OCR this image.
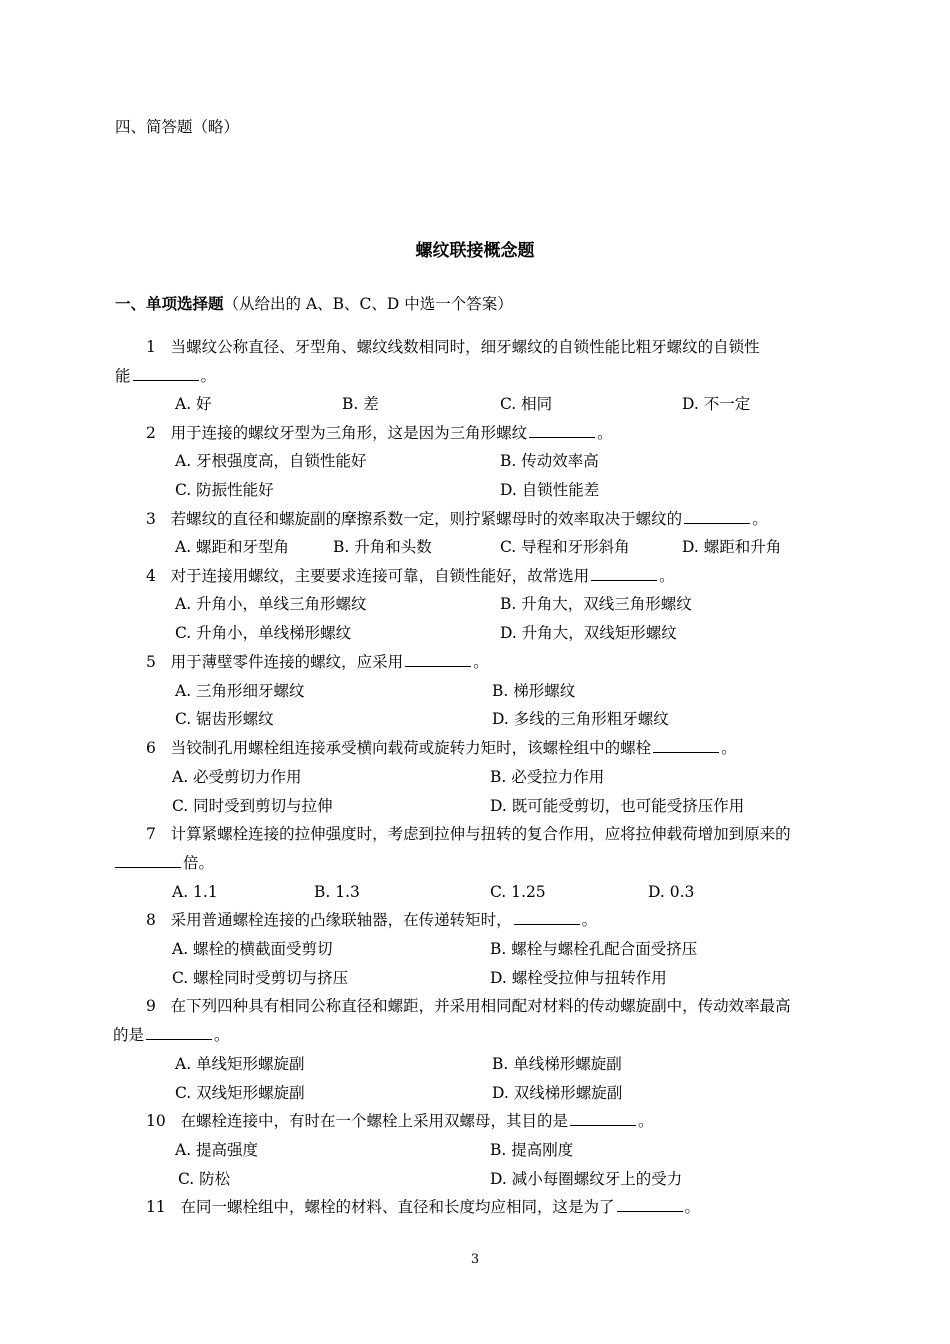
四、简答题（略）
螺纹联接概念题
一、单项选择题（从给出的 A、B、C、D 中选一个答案）
1 当螺纹公称直径、牙型角、螺纹线数相同时，细牙螺纹的自锁性能比粗牙螺纹的自锁性
能	。
A. 好	B. 差	C. 相同	D. 不一定
2 用于连接的螺纹牙型为三角形，这是因为三角形螺纹	。
A. 牙根强度高，自锁性能好	B. 传动效率高
C. 防振性能好	D. 自锁性能差
3 若螺纹的直径和螺旋副的摩擦系数一定，则拧紧螺母时的效率取决于螺纹的	。
A. 螺距和牙型角	B. 升角和头数	C. 导程和牙形斜角	D. 螺距和升角
4 对于连接用螺纹，主要要求连接可靠，自锁性能好，故常选用	。
A. 升角小，单线三角形螺纹	B. 升角大，双线三角形螺纹
C. 升角小，单线梯形螺纹	D. 升角大，双线矩形螺纹
5 用于薄壁零件连接的螺纹，应采用	。
A. 三角形细牙螺纹	B. 梯形螺纹
C. 锯齿形螺纹	D. 多线的三角形粗牙螺纹
6 当铰制孔用螺栓组连接承受横向载荷或旋转力矩时，该螺栓组中的螺栓	。
A. 必受剪切力作用	B. 必受拉力作用
C. 同时受到剪切与拉伸	D. 既可能受剪切，也可能受挤压作用
7 计算紧螺栓连接的拉伸强度时，考虑到拉伸与扭转的复合作用，应将拉伸载荷增加到原来的
倍。
A. 1.1	B. 1.3	C. 1.25	D. 0.3
8 采用普通螺栓连接的凸缘联轴器，在传递转矩时，	。
A. 螺栓的横截面受剪切	B. 螺栓与螺栓孔配合面受挤压
C. 螺栓同时受剪切与挤压	D. 螺栓受拉伸与扭转作用
9 在下列四种具有相同公称直径和螺距，并采用相同配对材料的传动螺旋副中，传动效率最高
的是	。
A. 单线矩形螺旋副	B. 单线梯形螺旋副
C. 双线矩形螺旋副	D. 双线梯形螺旋副
10 在螺栓连接中，有时在一个螺栓上采用双螺母，其目的是	。
A. 提高强度	B. 提高刚度
C. 防松	D. 减小每圈螺纹牙上的受力
11 在同一螺栓组中，螺栓的材料、直径和长度均应相同，这是为了	。
3
